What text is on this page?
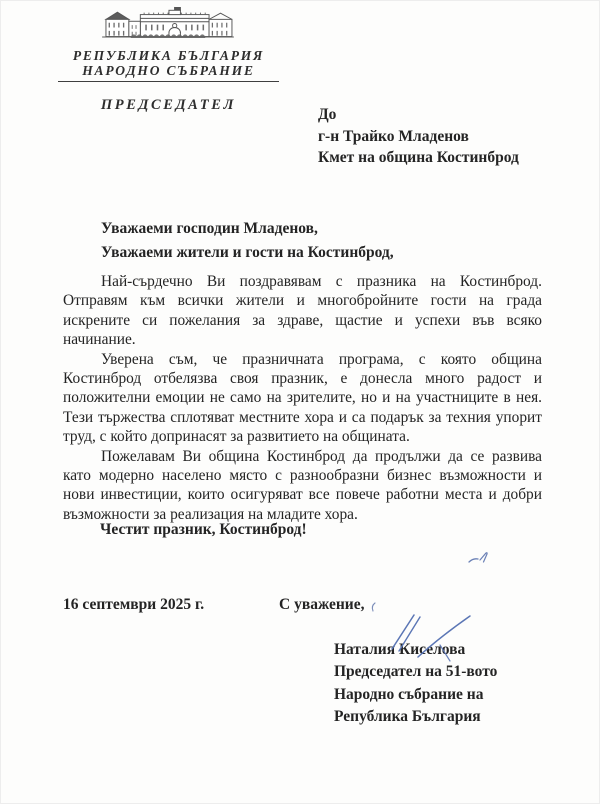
РЕПУБЛИКА БЪЛГАРИЯ
НАРОДНО СЪБРАНИЕ
ПРЕДСЕДАТЕЛ
До
г-н Трайко Младенов
Кмет на община Костинброд
Уважаеми господин Младенов,
Уважаеми жители и гости на Костинброд,

Най-сърдечно Ви поздравявам с празника на Костинброд. Отправям към всички жители и многобройните гости на града искрените си пожелания за здраве, щастие и успехи във всяко начинание.

Уверена съм, че празничната програма, с която община Костинброд отбелязва своя празник, е донесла много радост и положителни емоции не само на зрителите, но и на участниците в нея. Тези тържества сплотяват местните хора и са подарък за техния упорит труд, с който допринасят за развитието на общината.

Пожелавам Ви община Костинброд да продължи да се развива като модерно населено място с разнообразни бизнес възможности и нови инвестиции, които осигуряват все повече работни места и добри възможности за реализация на младите хора.

Честит празник, Костинброд!
16 септември 2025 г.	С уважение,
Наталия Киселова
Председател на 51-вото
Народно събрание на
Република България
